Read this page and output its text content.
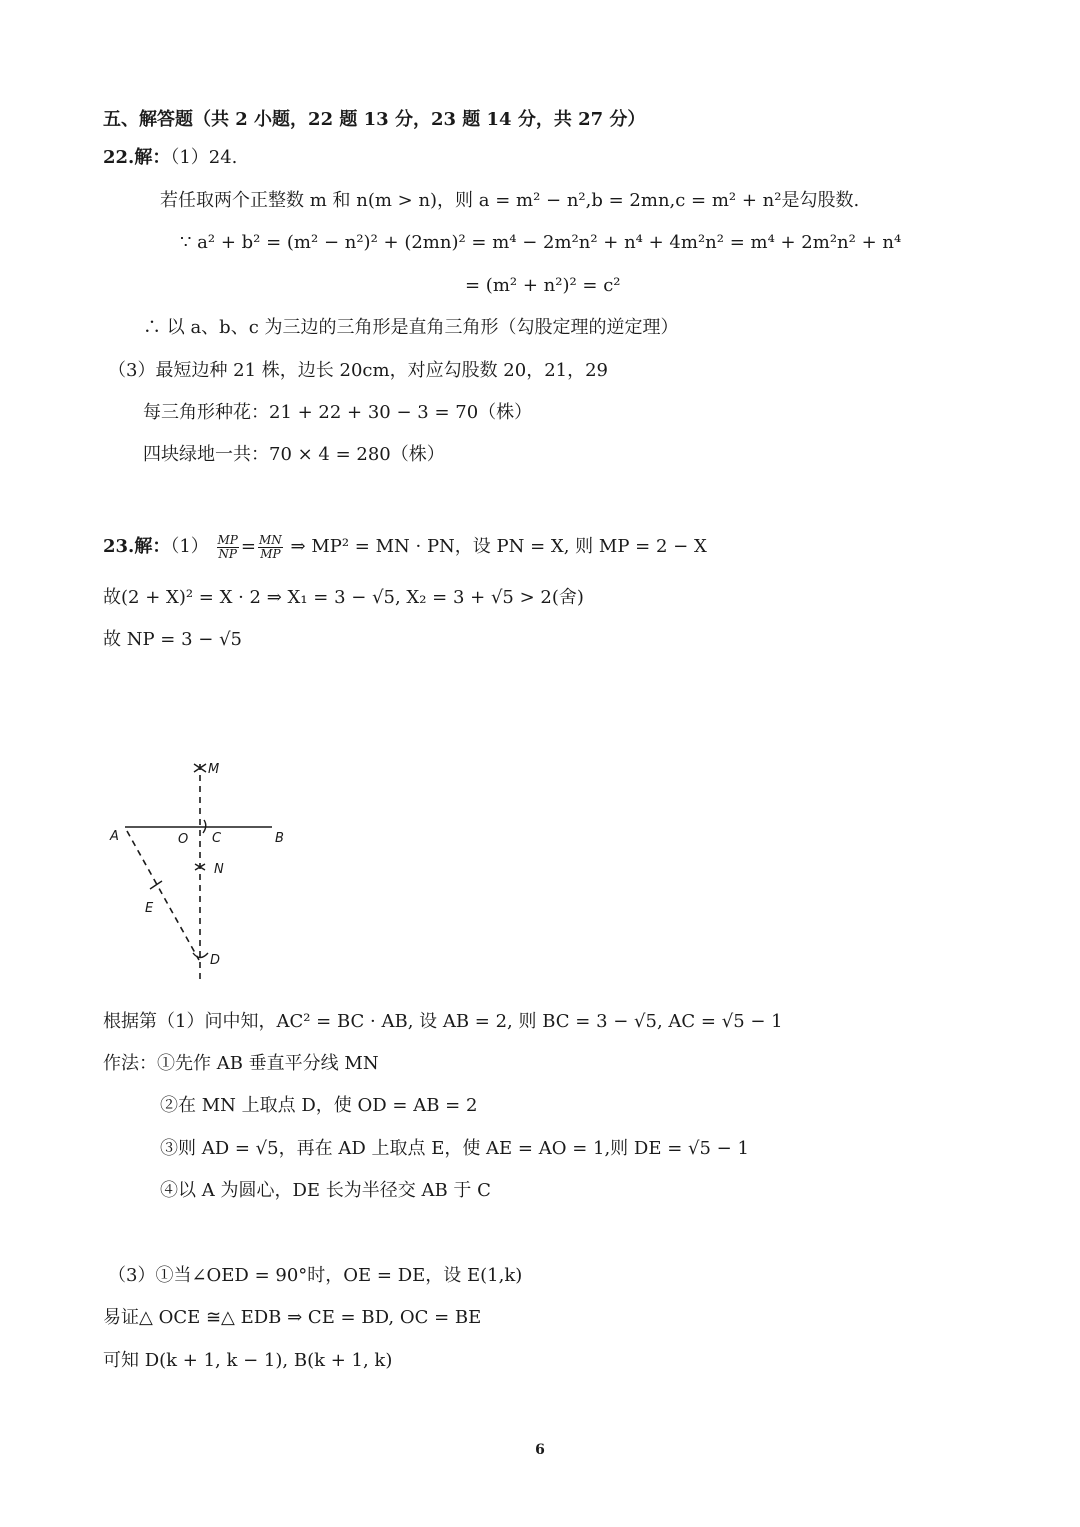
五、解答题（共 2 小题，22 题 13 分，23 题 14 分，共 27 分）
22.解：（1）24.
若任取两个正整数 m 和 n(m > n)，则 a = m² − n²,b = 2mn,c = m² + n²是勾股数.
∵ a² + b² = (m² − n²)² + (2mn)² = m⁴ − 2m²n² + n⁴ + 4m²n² = m⁴ + 2m²n² + n⁴
= (m² + n²)² = c²
∴ 以 a、b、c 为三边的三角形是直角三角形（勾股定理的逆定理）
（3）最短边种 21 株，边长 20cm，对应勾股数 20，21，29
每三角形种花：21 + 22 + 30 − 3 = 70（株）
四块绿地一共：70 × 4 = 280（株）
23.解：$(1) \frac{MP}{NP} = \frac{MN}{MP}$ ⇒ MP² = MN · PN，设 PN = X, 则 MP = 2 − X
故(2 + X)² = X · 2 ⇒ X₁ = 3 − √5, X₂ = 3 + √5 > 2(舍)
故 NP = 3 − √5
A	B
O C
M
N
E
D
根据第（1）问中知，AC² = BC · AB, 设 AB = 2, 则 BC = 3 − √5, AC = √5 − 1
作法：①先作 AB 垂直平分线 MN
②在 MN 上取点 D，使 OD = AB = 2
③则 AD = √5，再在 AD 上取点 E，使 AE = AO = 1,则 DE = √5 − 1
④以 A 为圆心，DE 长为半径交 AB 于 C
（3）①当∠OED = 90°时，OE = DE，设 E(1,k)
易证△ OCE ≅△ EDB ⇒ CE = BD, OC = BE
可知 D(k + 1, k − 1), B(k + 1, k)
6
